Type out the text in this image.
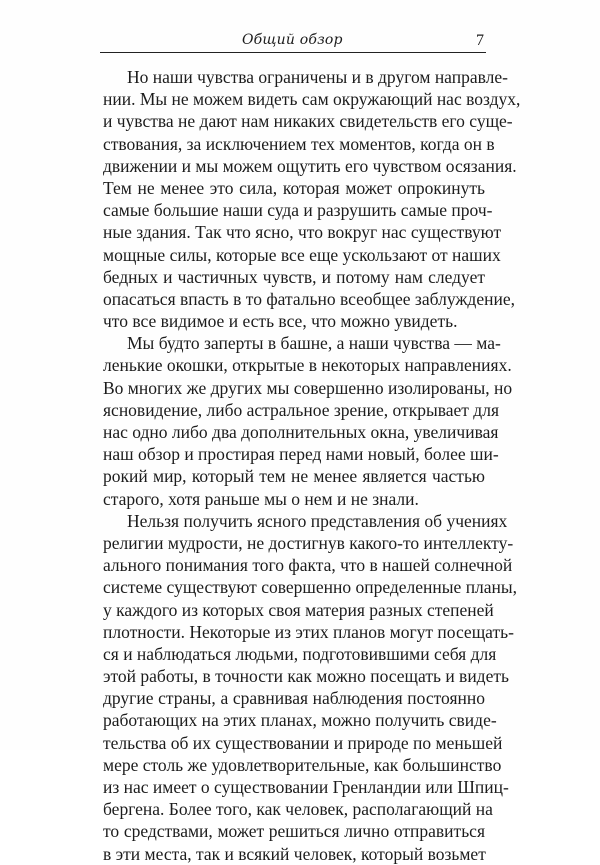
Общий обзор	7
Но наши чувства ограничены и в другом направле-
нии. Мы не можем видеть сам окружающий нас воздух,
и чувства не дают нам никаких свидетельств его суще-
ствования, за исключением тех моментов, когда он в
движении и мы можем ощутить его чувством осязания.
Тем не менее это сила, которая может опрокинуть
самые большие наши суда и разрушить самые проч-
ные здания. Так что ясно, что вокруг нас существуют
мощные силы, которые все еще ускользают от наших
бедных и частичных чувств, и потому нам следует
опасаться впасть в то фатально всеобщее заблуждение,
что все видимое и есть все, что можно увидеть.
Мы будто заперты в башне, а наши чувства — ма-
ленькие окошки, открытые в некоторых направлениях.
Во многих же других мы совершенно изолированы, но
ясновидение, либо астральное зрение, открывает для
нас одно либо два дополнительных окна, увеличивая
наш обзор и простирая перед нами новый, более ши-
рокий мир, который тем не менее является частью
старого, хотя раньше мы о нем и не знали.
Нельзя получить ясного представления об учениях
религии мудрости, не достигнув какого-то интеллекту-
ального понимания того факта, что в нашей солнечной
системе существуют совершенно определенные планы,
у каждого из которых своя материя разных степеней
плотности. Некоторые из этих планов могут посещать-
ся и наблюдаться людьми, подготовившими себя для
этой работы, в точности как можно посещать и видеть
другие страны, а сравнивая наблюдения постоянно
работающих на этих планах, можно получить свиде-
тельства об их существовании и природе по меньшей
мере столь же удовлетворительные, как большинство
из нас имеет о существовании Гренландии или Шпиц-
бергена. Более того, как человек, располагающий на
то средствами, может решиться лично отправиться
в эти места, так и всякий человек, который возьмет
